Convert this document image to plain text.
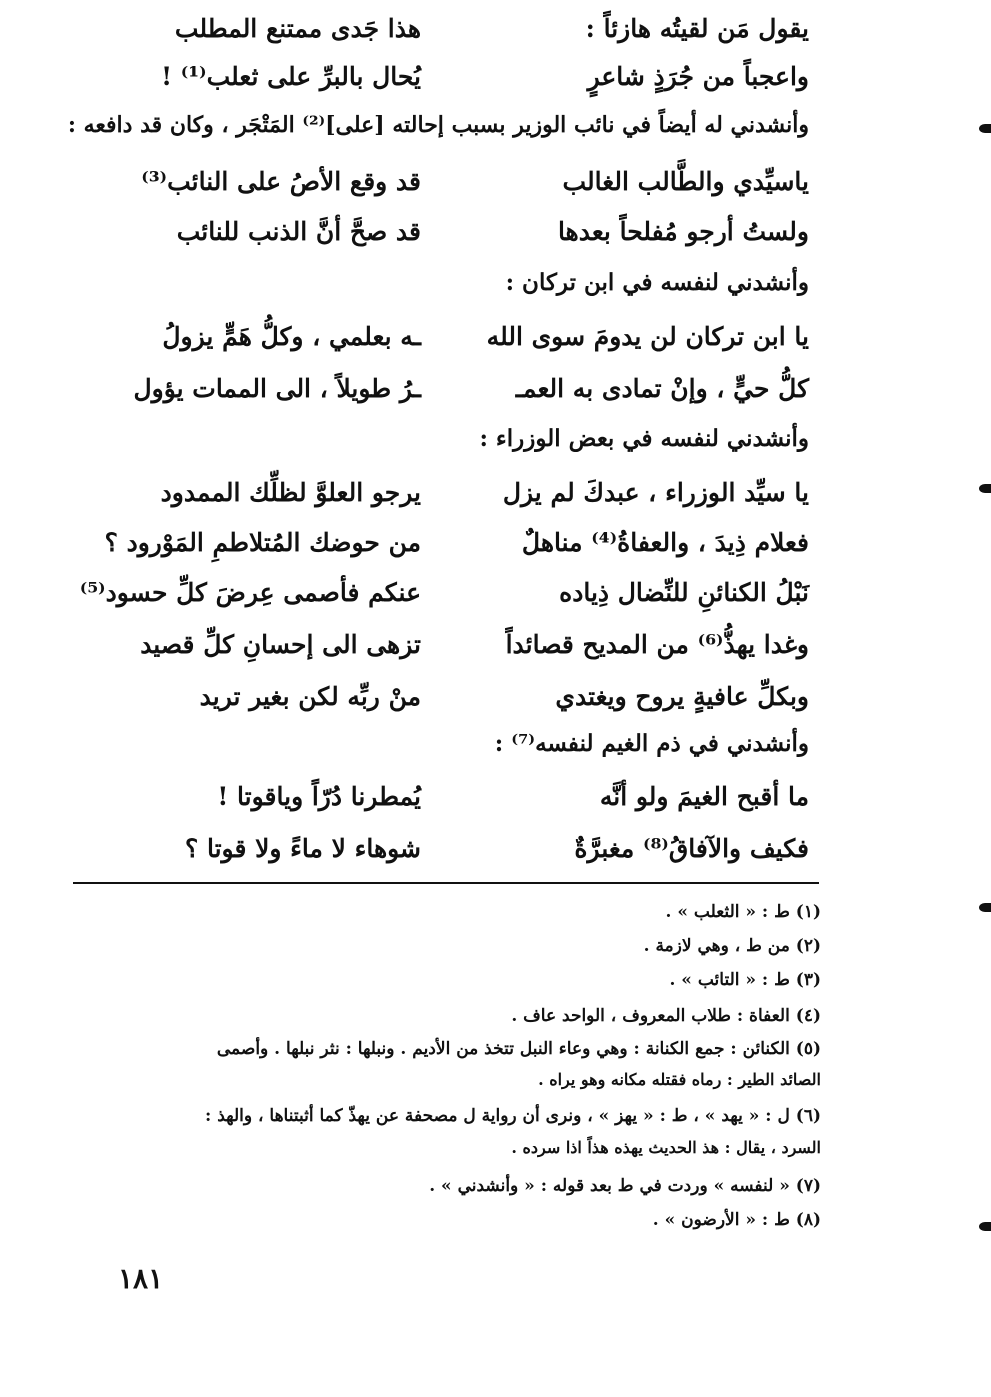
يقول مَن لقيتُه هازئاً :
هذا جَدى ممتنع المطلب
واعجباً من جُرَذٍ شاعرٍ
يُحال بالبرِّ على ثعلب⁽¹⁾ !
وأنشدني له أيضاً في نائب الوزير بسبب إحالته [على]⁽²⁾ المَتْجَر ، وكان قد دافعه :
ياسيِّدي والطَّالب الغالب
قد وقع الأصُ على النائب⁽³⁾
ولستُ أرجو مُفلحاً بعدها
قد صحَّ أنَّ الذنب للنائب
وأنشدني لنفسه في ابن تركان :
يا ابن تركان لن يدومَ سوى الله
ـه بعلمي ، وكلُّ هَمٍّ يزولُ
كلُّ حيٍّ ، وإنْ تمادى به العمـ
ـرُ طويلاً ، الى الممات يؤول
وأنشدني لنفسه في بعض الوزراء :
يا سيِّد الوزراء ، عبدكَ لم يزل
يرجو العلوَّ لظلِّك الممدود
فعلام ذِيدَ ، والعفاةُ⁽⁴⁾ مناهلٌ
من حوضك المُتلاطمِ المَوْرود ؟
نَبْلُ الكنائنِ للنِّضال ذِياده
عنكم فأصمى عِرضَ كلِّ حسود⁽⁵⁾
وغدا يهذُّ⁽⁶⁾ من المديح قصائداً
تزهى الى إحسانِ كلِّ قصيد
وبكلِّ عافيةٍ يروح ويغتدي
منْ ربِّه لكن بغير تريد
وأنشدني في ذم الغيم لنفسه⁽⁷⁾ :
ما أقبح الغيمَ ولو أنَّه
يُمطرنا دُرّاً وياقوتا !
فكيف والآفاقُ⁽⁸⁾ مغبرَّةٌ
شوهاء لا ماءً ولا قوتا ؟
(١) ط : « الثعلب » .
(٢) من ط ، وهي لازمة .
(٣) ط : « التائب » .
(٤) العفاة : طلاب المعروف ، الواحد عاف .
(٥) الكنائن : جمع الكنانة : وهي وعاء النبل تتخذ من الأديم . ونبلها : نثر نبلها . وأصمى
الصائد الطير : رماه فقتله مكانه وهو يراه .
(٦) ل : « يهد » ، ط : « يهز » ، ونرى أن رواية ل مصحفة عن يهذّ كما أثبتناها ، والهذ :
السرد ، يقال : هذ الحديث يهذه هذاً اذا سرده .
(٧) « لنفسه » وردت في ط بعد قوله : « وأنشدني » .
(٨) ط : « الأرضون » .
١٨١
